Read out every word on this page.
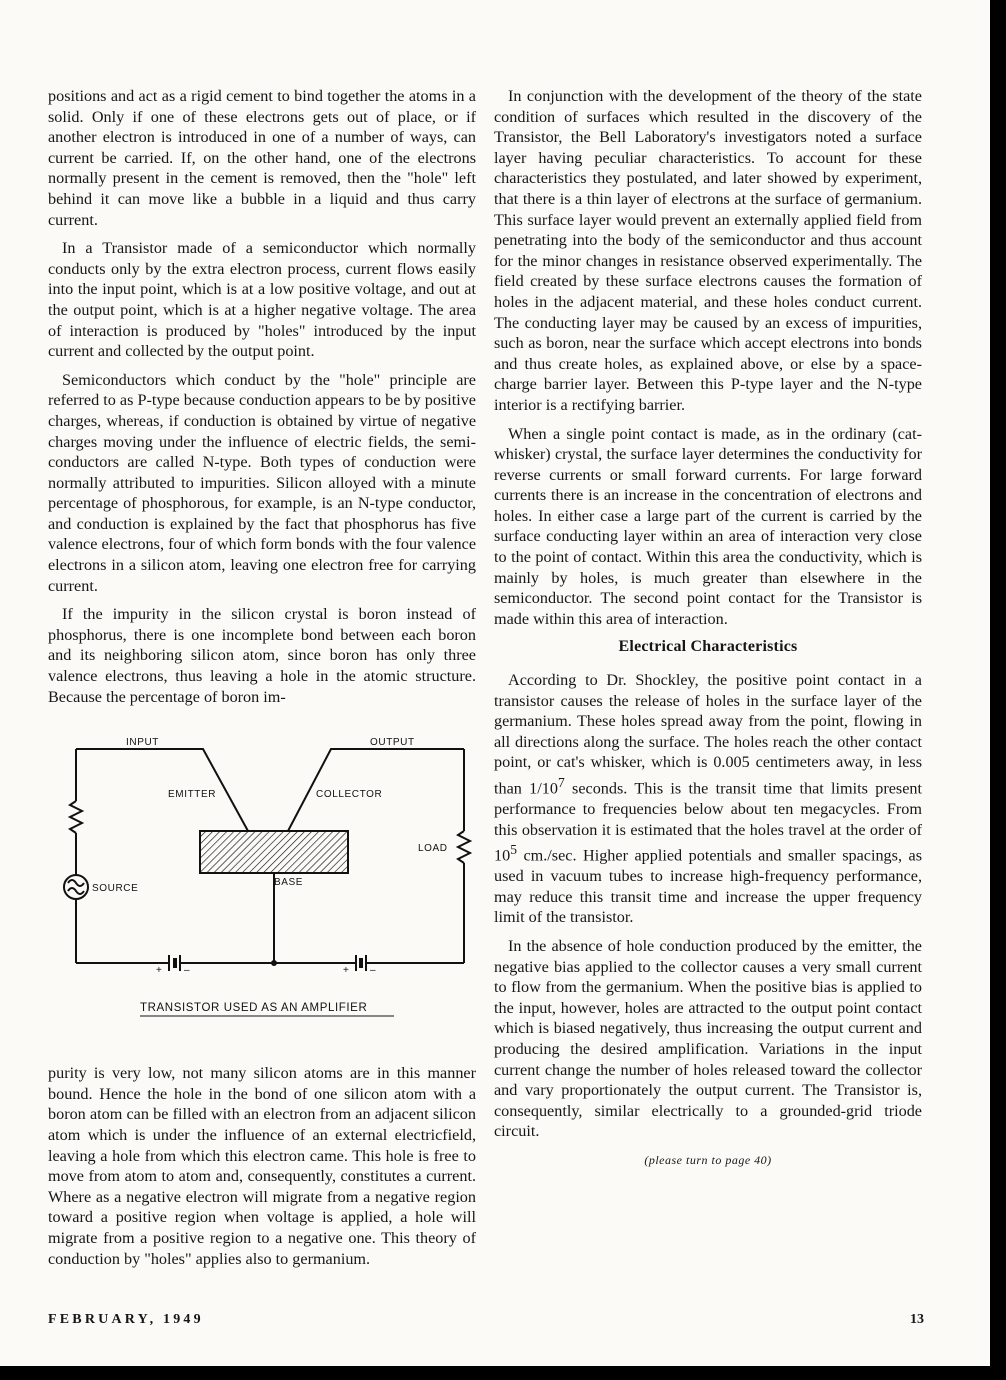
positions and act as a rigid cement to bind together the atoms in a solid. Only if one of these electrons gets out of place, or if another electron is introduced in one of a number of ways, can current be carried. If, on the other hand, one of the electrons normally present in the cement is removed, then the "hole" left behind it can move like a bubble in a liquid and thus carry current.

In a Transistor made of a semiconductor which normally conducts only by the extra electron process, current flows easily into the input point, which is at a low positive voltage, and out at the output point, which is at a higher negative voltage. The area of interaction is produced by "holes" introduced by the input current and collected by the output point.

Semiconductors which conduct by the "hole" principle are referred to as P-type because conduction appears to be by positive charges, whereas, if conduction is obtained by virtue of negative charges moving under the influence of electric fields, the semi-conductors are called N-type. Both types of conduction were normally attributed to impurities. Silicon alloyed with a minute percentage of phosphorous, for example, is an N-type conductor, and conduction is explained by the fact that phosphorus has five valence electrons, four of which form bonds with the four valence electrons in a silicon atom, leaving one electron free for carrying current.

If the impurity in the silicon crystal is boron instead of phosphorus, there is one incomplete bond between each boron and its neighboring silicon atom, since boron has only three valence electrons, thus leaving a hole in the atomic structure. Because the percentage of boron im-

INPUT	OUTPUT
EMITTER	COLLECTOR
LOAD
SOURCE
BASE
+ –	+ –
TRANSISTOR USED AS AN AMPLIFIER

purity is very low, not many silicon atoms are in this manner bound. Hence the hole in the bond of one silicon atom with a boron atom can be filled with an electron from an adjacent silicon atom which is under the influence of an external electricfield, leaving a hole from which this electron came. This hole is free to move from atom to atom and, consequently, constitutes a current. Where as a negative electron will migrate from a negative region toward a positive region when voltage is applied, a hole will migrate from a positive region to a negative one. This theory of conduction by "holes" applies also to germanium.

In conjunction with the development of the theory of the state condition of surfaces which resulted in the discovery of the Transistor, the Bell Laboratory's investigators noted a surface layer having peculiar characteristics. To account for these characteristics they postulated, and later showed by experiment, that there is a thin layer of electrons at the surface of germanium. This surface layer would prevent an externally applied field from penetrating into the body of the semiconductor and thus account for the minor changes in resistance observed experimentally. The field created by these surface electrons causes the formation of holes in the adjacent material, and these holes conduct current. The conducting layer may be caused by an excess of impurities, such as boron, near the surface which accept electrons into bonds and thus create holes, as explained above, or else by a space-charge barrier layer. Between this P-type layer and the N-type interior is a rectifying barrier.

When a single point contact is made, as in the ordinary (cat-whisker) crystal, the surface layer determines the conductivity for reverse currents or small forward currents. For large forward currents there is an increase in the concentration of electrons and holes. In either case a large part of the current is carried by the surface conducting layer within an area of interaction very close to the point of contact. Within this area the conductivity, which is mainly by holes, is much greater than elsewhere in the semiconductor. The second point contact for the Transistor is made within this area of interaction.

Electrical Characteristics

According to Dr. Shockley, the positive point contact in a transistor causes the release of holes in the surface layer of the germanium. These holes spread away from the point, flowing in all directions along the surface. The holes reach the other contact point, or cat's whisker, which is 0.005 centimeters away, in less than $1/10^7$ seconds. This is the transit time that limits present performance to frequencies below about ten megacycles. From this observation it is estimated that the holes travel at the order of $10^5$ cm./sec. Higher applied potentials and smaller spacings, as used in vacuum tubes to increase high-frequency performance, may reduce this transit time and increase the upper frequency limit of the transistor.

In the absence of hole conduction produced by the emitter, the negative bias applied to the collector causes a very small current to flow from the germanium. When the positive bias is applied to the input, however, holes are attracted to the output point contact which is biased negatively, thus increasing the output current and producing the desired amplification. Variations in the input current change the number of holes released toward the collector and vary proportionately the output current. The Transistor is, consequently, similar electrically to a grounded-grid triode circuit.

(please turn to page 40)
FEBRUARY, 1949	13
